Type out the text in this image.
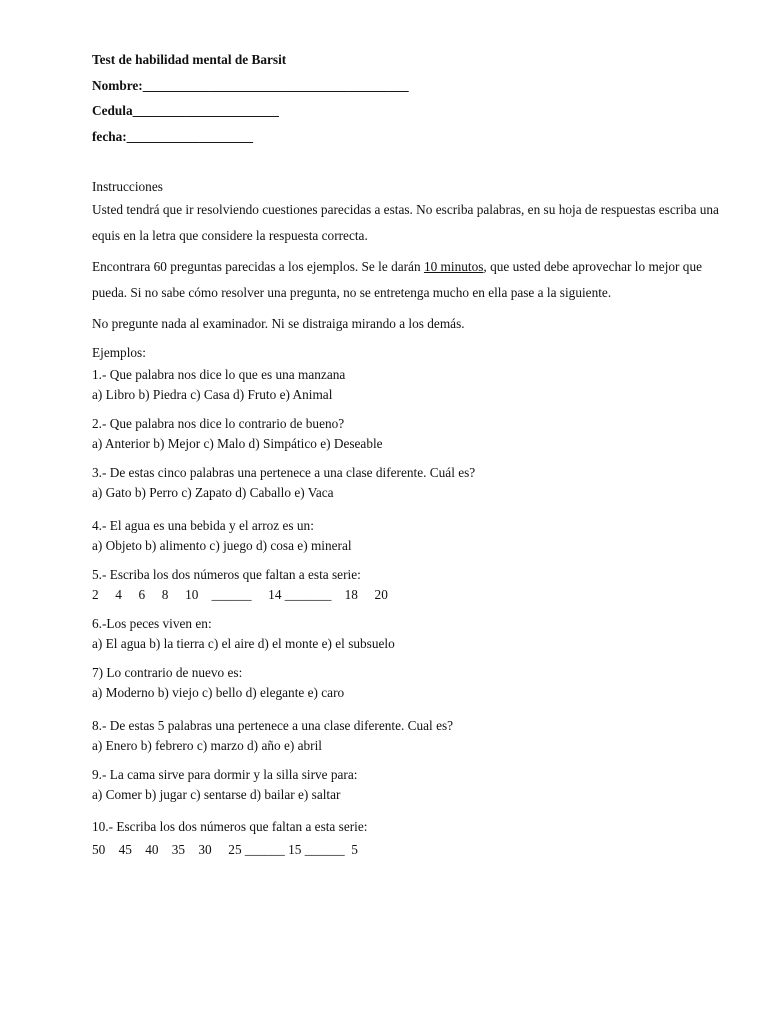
Test de habilidad mental de Barsit
Nombre:________________________________________
Cedula______________________
fecha:___________________
Instrucciones
Usted tendrá que ir resolviendo cuestiones parecidas a estas. No escriba palabras, en su hoja de respuestas escriba una equis en la letra que considere la respuesta correcta.
Encontrara 60 preguntas parecidas a los ejemplos. Se le darán 10 minutos, que usted debe aprovechar lo mejor que pueda. Si no sabe cómo resolver una pregunta, no se entretenga mucho en ella pase a la siguiente.
No pregunte nada al examinador. Ni se distraiga mirando a los demás.
Ejemplos:
1.- Que palabra nos dice lo que es una manzana
a) Libro b) Piedra c) Casa d) Fruto e) Animal
2.- Que palabra nos dice lo contrario de bueno?
a) Anterior b) Mejor c) Malo d) Simpático e) Deseable
3.- De estas cinco palabras una pertenece a una clase diferente. Cuál es?
a) Gato b) Perro c) Zapato d) Caballo e) Vaca
4.- El agua es una bebida y el arroz es un:
a) Objeto b) alimento c) juego d) cosa e) mineral
5.- Escriba los dos números que faltan a esta serie:
2     4     6     8     10    ______     14 _______    18     20
6.-Los peces viven en:
a) El agua b) la tierra c) el aire d) el monte e) el subsuelo
7) Lo contrario de nuevo es:
a) Moderno b) viejo c) bello d) elegante e) caro
8.- De estas 5 palabras una pertenece a una clase diferente. Cual es?
a) Enero b) febrero c) marzo d) año e) abril
9.- La cama sirve para dormir y la silla sirve para:
a) Comer b) jugar c) sentarse d) bailar e) saltar
10.- Escriba los dos números que faltan a esta serie:
50    45    40    35    30     25 ______ 15 ______  5
